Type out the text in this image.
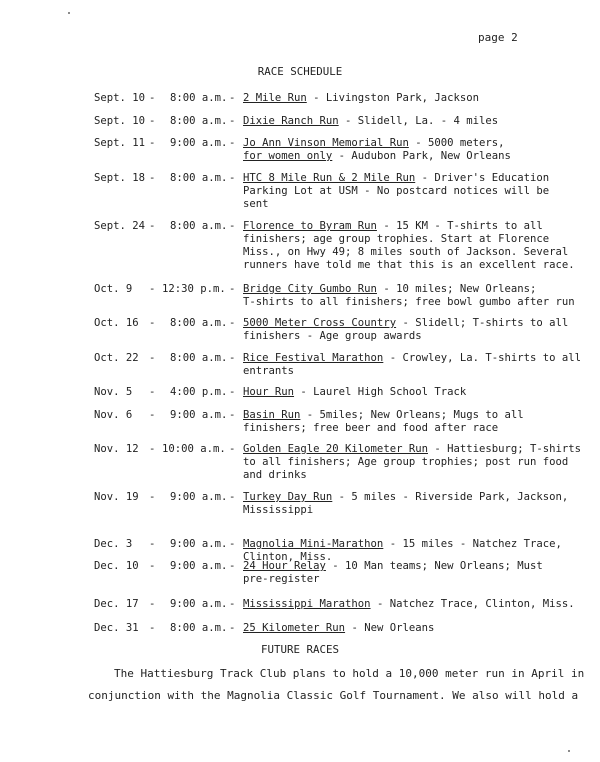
page 2
RACE SCHEDULE
Sept. 10 - 8:00 a.m. - 2 Mile Run - Livingston Park, Jackson
Sept. 10 - 8:00 a.m. - Dixie Ranch Run - Slidell, La. - 4 miles
Sept. 11 - 9:00 a.m. - Jo Ann Vinson Memorial Run - 5000 meters,
for women only - Audubon Park, New Orleans
Sept. 18 - 8:00 a.m. - HTC 8 Mile Run & 2 Mile Run - Driver's Education
Parking Lot at USM - No postcard notices will be
sent
Sept. 24 - 8:00 a.m. - Florence to Byram Run - 15 KM - T-shirts to all
finishers; age group trophies. Start at Florence
Miss., on Hwy 49; 8 miles south of Jackson. Several
runners have told me that this is an excellent race.
Oct. 9 - 12:30 p.m. - Bridge City Gumbo Run - 10 miles; New Orleans;
T-shirts to all finishers; free bowl gumbo after run
Oct. 16 - 8:00 a.m. - 5000 Meter Cross Country - Slidell; T-shirts to all
finishers - Age group awards
Oct. 22 - 8:00 a.m. - Rice Festival Marathon - Crowley, La. T-shirts to all
entrants
Nov. 5 - 4:00 p.m. - Hour Run - Laurel High School Track
Nov. 6 - 9:00 a.m. - Basin Run - 5miles; New Orleans; Mugs to all
finishers; free beer and food after race
Nov. 12 - 10:00 a.m. - Golden Eagle 20 Kilometer Run - Hattiesburg; T-shirts
to all finishers; Age group trophies; post run food
and drinks
Nov. 19 - 9:00 a.m. - Turkey Day Run - 5 miles - Riverside Park, Jackson,
Mississippi
Dec. 3 - 9:00 a.m. - Magnolia Mini-Marathon - 15 miles - Natchez Trace,
Clinton, Miss.
Dec. 10 - 9:00 a.m. - 24 Hour Relay - 10 Man teams; New Orleans; Must
pre-register
Dec. 17 - 9:00 a.m. - Mississippi Marathon - Natchez Trace, Clinton, Miss.
Dec. 31 - 8:00 a.m. - 25 Kilometer Run - New Orleans
FUTURE RACES
The Hattiesburg Track Club plans to hold a 10,000 meter run in April in
conjunction with the Magnolia Classic Golf Tournament. We also will hold a
